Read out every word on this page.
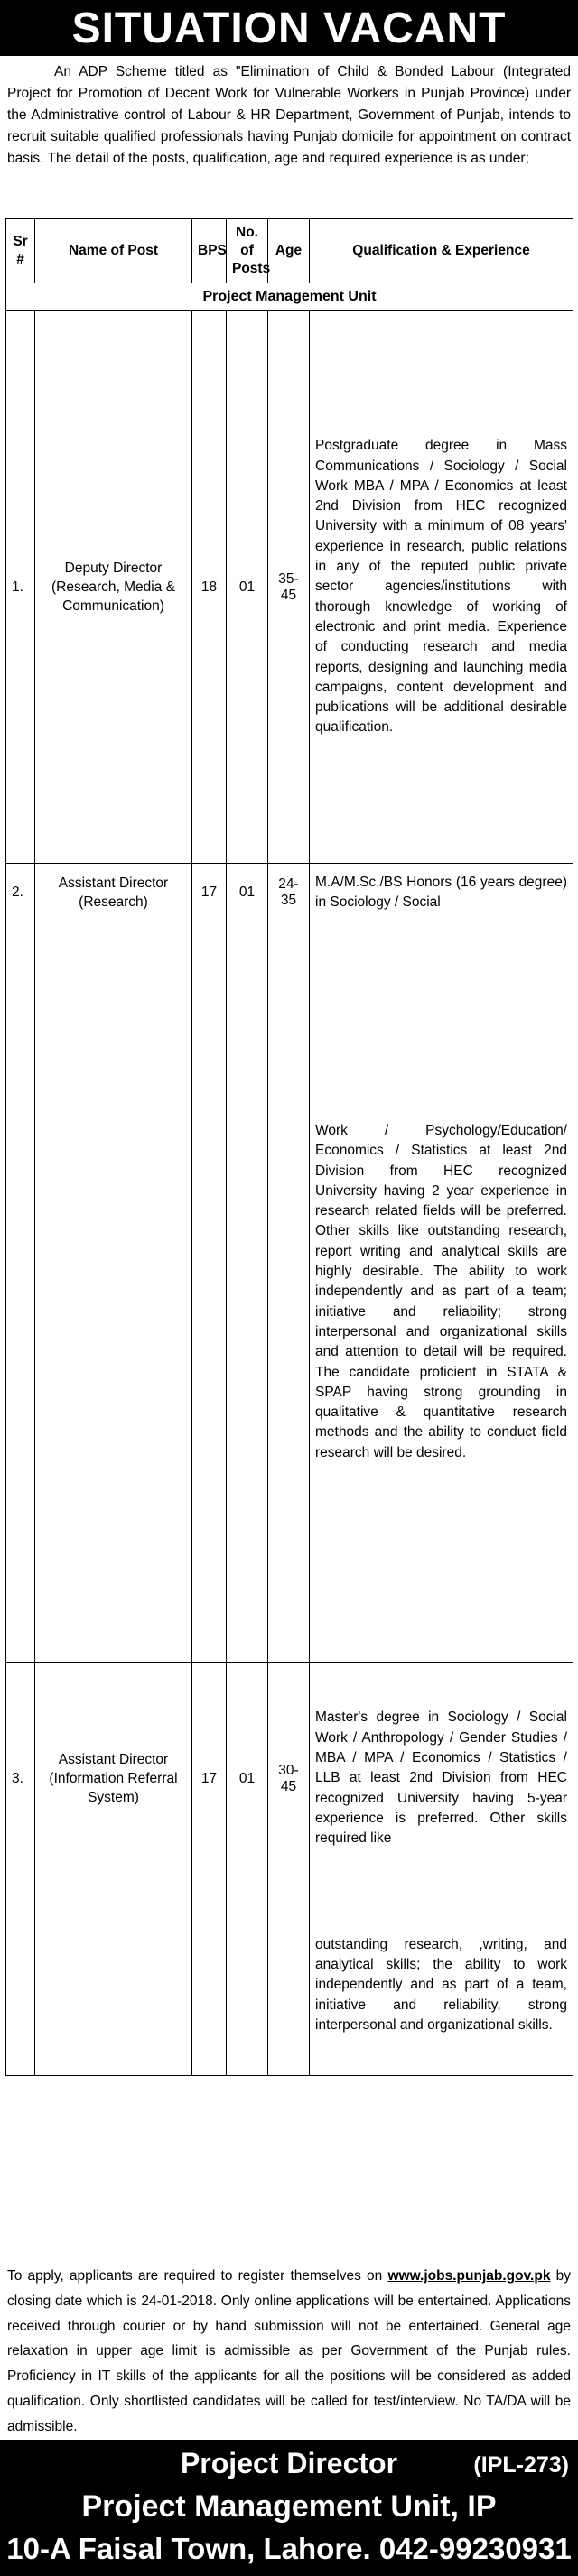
SITUATION VACANT

An ADP Scheme titled as "Elimination of Child & Bonded Labour (Integrated Project for Promotion of Decent Work for Vulnerable Workers in Punjab Province) under the Administrative control of Labour & HR Department, Government of Punjab, intends to recruit suitable qualified professionals having Punjab domicile for appointment on contract basis. The detail of the posts, qualification, age and required experience is as under;

Sr #	Name of Post	BPS	No. of Posts	Age	Qualification & Experience
Project Management Unit					
1.	Deputy Director (Research, Media & Communication)	18	01	35-45	Postgraduate degree in Mass Communications / Sociology / Social Work MBA / MPA / Economics at least 2nd Division from HEC recognized University with a minimum of 08 years' experience in research, public relations in any of the reputed public private sector agencies/institutions with thorough knowledge of working of electronic and print media. Experience of conducting research and media reports, designing and launching media campaigns, content development and publications will be additional desirable qualification.
2.	Assistant Director (Research)	17	01	24-35	M.A/M.Sc./BS Honors (16 years degree) in Sociology / Social
					Work / Psychology/Education/ Economics / Statistics at least 2nd Division from HEC recognized University having 2 year experience in research related fields will be preferred. Other skills like outstanding research, report writing and analytical skills are highly desirable. The ability to work independently and as part of a team; initiative and reliability; strong interpersonal and organizational skills and attention to detail will be required. The candidate proficient in STATA & SPAP having strong grounding in qualitative & quantitative research methods and the ability to conduct field research will be desired.
3.	Assistant Director (Information Referral System)	17	01	30-45	Master's degree in Sociology / Social Work / Anthropology / Gender Studies / MBA / MPA / Economics / Statistics / LLB at least 2nd Division from HEC recognized University having 5-year experience is preferred. Other skills required like
					outstanding research, ,writing, and analytical skills; the ability to work independently and as part of a team, initiative and reliability, strong interpersonal and organizational skills.

To apply, applicants are required to register themselves on www.jobs.punjab.gov.pk by closing date which is 24-01-2018. Only online applications will be entertained. Applications received through courier or by hand submission will not be entertained. General age relaxation in upper age limit is admissible as per Government of the Punjab rules. Proficiency in IT skills of the applicants for all the positions will be considered as added qualification. Only shortlisted candidates will be called for test/interview. No TA/DA will be admissible.

Project Director	(IPL-273)
Project Management Unit, IP
10-A Faisal Town, Lahore. 042-99230931
